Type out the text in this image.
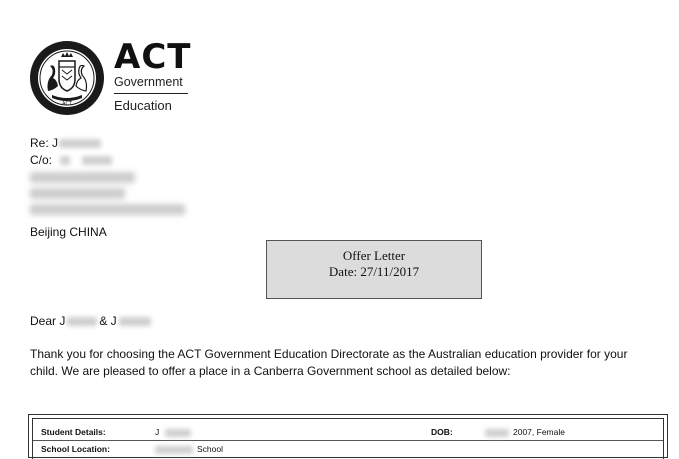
ACT
ACT
Government
Education
Re: J
C/o:
Beijing CHINA
Offer Letter
Date: 27/11/2017
Dear J	& J
Thank you for choosing the ACT Government Education Directorate as the Australian education provider for your child. We are pleased to offer a place in a Canberra Government school as detailed below:
Student Details:	J	DOB:	2007, Female
School Location:	School
